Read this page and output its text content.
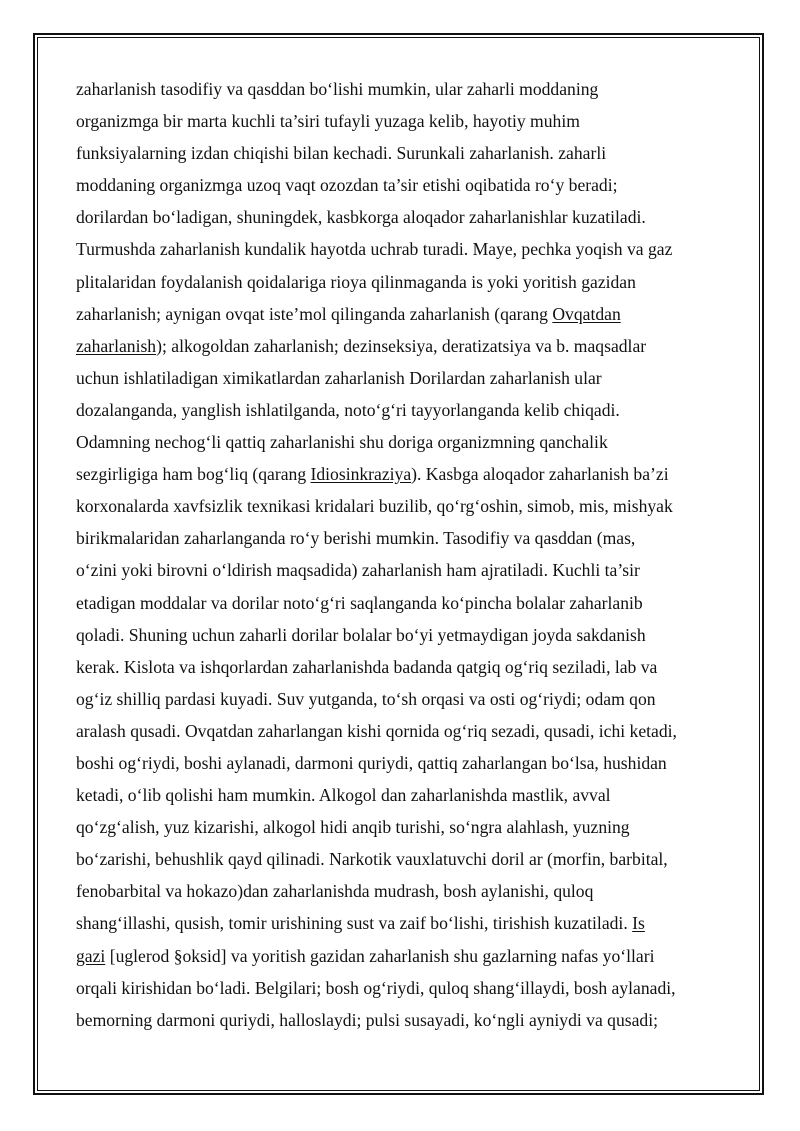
zaharlanish tasodifiy va qasddan bo‘lishi mumkin, ular zaharli moddaning
organizmga bir marta kuchli ta’siri tufayli yuzaga kelib, hayotiy muhim
funksiyalarning izdan chiqishi bilan kechadi. Surunkali zaharlanish. zaharli
moddaning organizmga uzoq vaqt ozozdan ta’sir etishi oqibatida ro‘y beradi;
dorilardan bo‘ladigan, shuningdek, kasbkorga aloqador zaharlanishlar kuzatiladi.
Turmushda zaharlanish kundalik hayotda uchrab turadi. Maye, pechka yoqish va gaz
plitalaridan foydalanish qoidalariga rioya qilinmaganda is yoki yoritish gazidan
zaharlanish; aynigan ovqat iste’mol qilinganda zaharlanish (qarang Ovqatdan
zaharlanish); alkogoldan zaharlanish; dezinseksiya, deratizatsiya va b. maqsadlar
uchun ishlatiladigan ximikatlardan zaharlanish Dorilardan zaharlanish ular
dozalanganda, yanglish ishlatilganda, noto‘g‘ri tayyorlanganda kelib chiqadi.
Odamning nechog‘li qattiq zaharlanishi shu doriga organizmning qanchalik
sezgirligiga ham bog‘liq (qarang Idiosinkraziya). Kasbga aloqador zaharlanish ba’zi
korxonalarda xavfsizlik texnikasi kridalari buzilib, qo‘rg‘oshin, simob, mis, mishyak
birikmalaridan zaharlanganda ro‘y berishi mumkin. Tasodifiy va qasddan (mas,
o‘zini yoki birovni o‘ldirish maqsadida) zaharlanish ham ajratiladi. Kuchli ta’sir
etadigan moddalar va dorilar noto‘g‘ri saqlanganda ko‘pincha bolalar zaharlanib
qoladi. Shuning uchun zaharli dorilar bolalar bo‘yi yetmaydigan joyda sakdanish
kerak. Kislota va ishqorlardan zaharlanishda badanda qatgiq og‘riq seziladi, lab va
og‘iz shilliq pardasi kuyadi. Suv yutganda, to‘sh orqasi va osti og‘riydi; odam qon
aralash qusadi. Ovqatdan zaharlangan kishi qornida og‘riq sezadi, qusadi, ichi ketadi,
boshi og‘riydi, boshi aylanadi, darmoni quriydi, qattiq zaharlangan bo‘lsa, hushidan
ketadi, o‘lib qolishi ham mumkin. Alkogol dan zaharlanishda mastlik, avval
qo‘zg‘alish, yuz kizarishi, alkogol hidi anqib turishi, so‘ngra alahlash, yuzning
bo‘zarishi, behushlik qayd qilinadi. Narkotik vauxlatuvchi doril ar (morfin, barbital,
fenobarbital va hokazo)dan zaharlanishda mudrash, bosh aylanishi, quloq
shang‘illashi, qusish, tomir urishining sust va zaif bo‘lishi, tirishish kuzatiladi. Is
gazi [uglerod §oksid] va yoritish gazidan zaharlanish shu gazlarning nafas yo‘llari
orqali kirishidan bo‘ladi. Belgilari; bosh og‘riydi, quloq shang‘illaydi, bosh aylanadi,
bemorning darmoni quriydi, halloslaydi; pulsi susayadi, ko‘ngli ayniydi va qusadi;
